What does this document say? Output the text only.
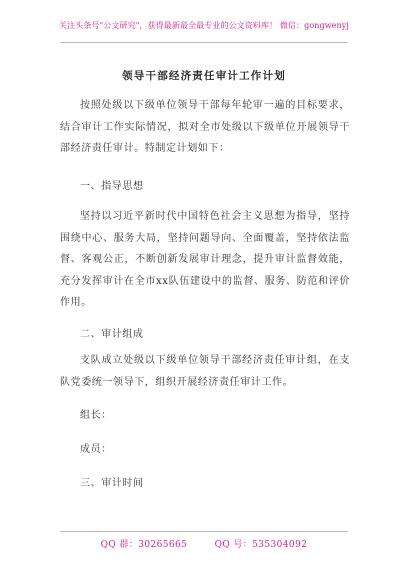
关注头条号"公文研究"，获得最新最全最专业的公文资料库！ 微信：gongwenyj
领导干部经济责任审计工作计划

按照处级以下级单位领导干部每年轮审一遍的目标要求，结合审计工作实际情况，拟对全市处级以下级单位开展领导干部经济责任审计。特制定计划如下：

一、指导思想

坚持以习近平新时代中国特色社会主义思想为指导，坚持围绕中心、服务大局，坚持问题导向、全面覆盖，坚持依法监督、客观公正，不断创新发展审计理念，提升审计监督效能，充分发挥审计在全市xx队伍建设中的监督、服务、防范和评价作用。

二、审计组成

支队成立处级以下级单位领导干部经济责任审计组，在支队党委统一领导下，组织开展经济责任审计工作。

组长：
成员：
三、审计时间
QQ 群：30265665	QQ 号：535304092
